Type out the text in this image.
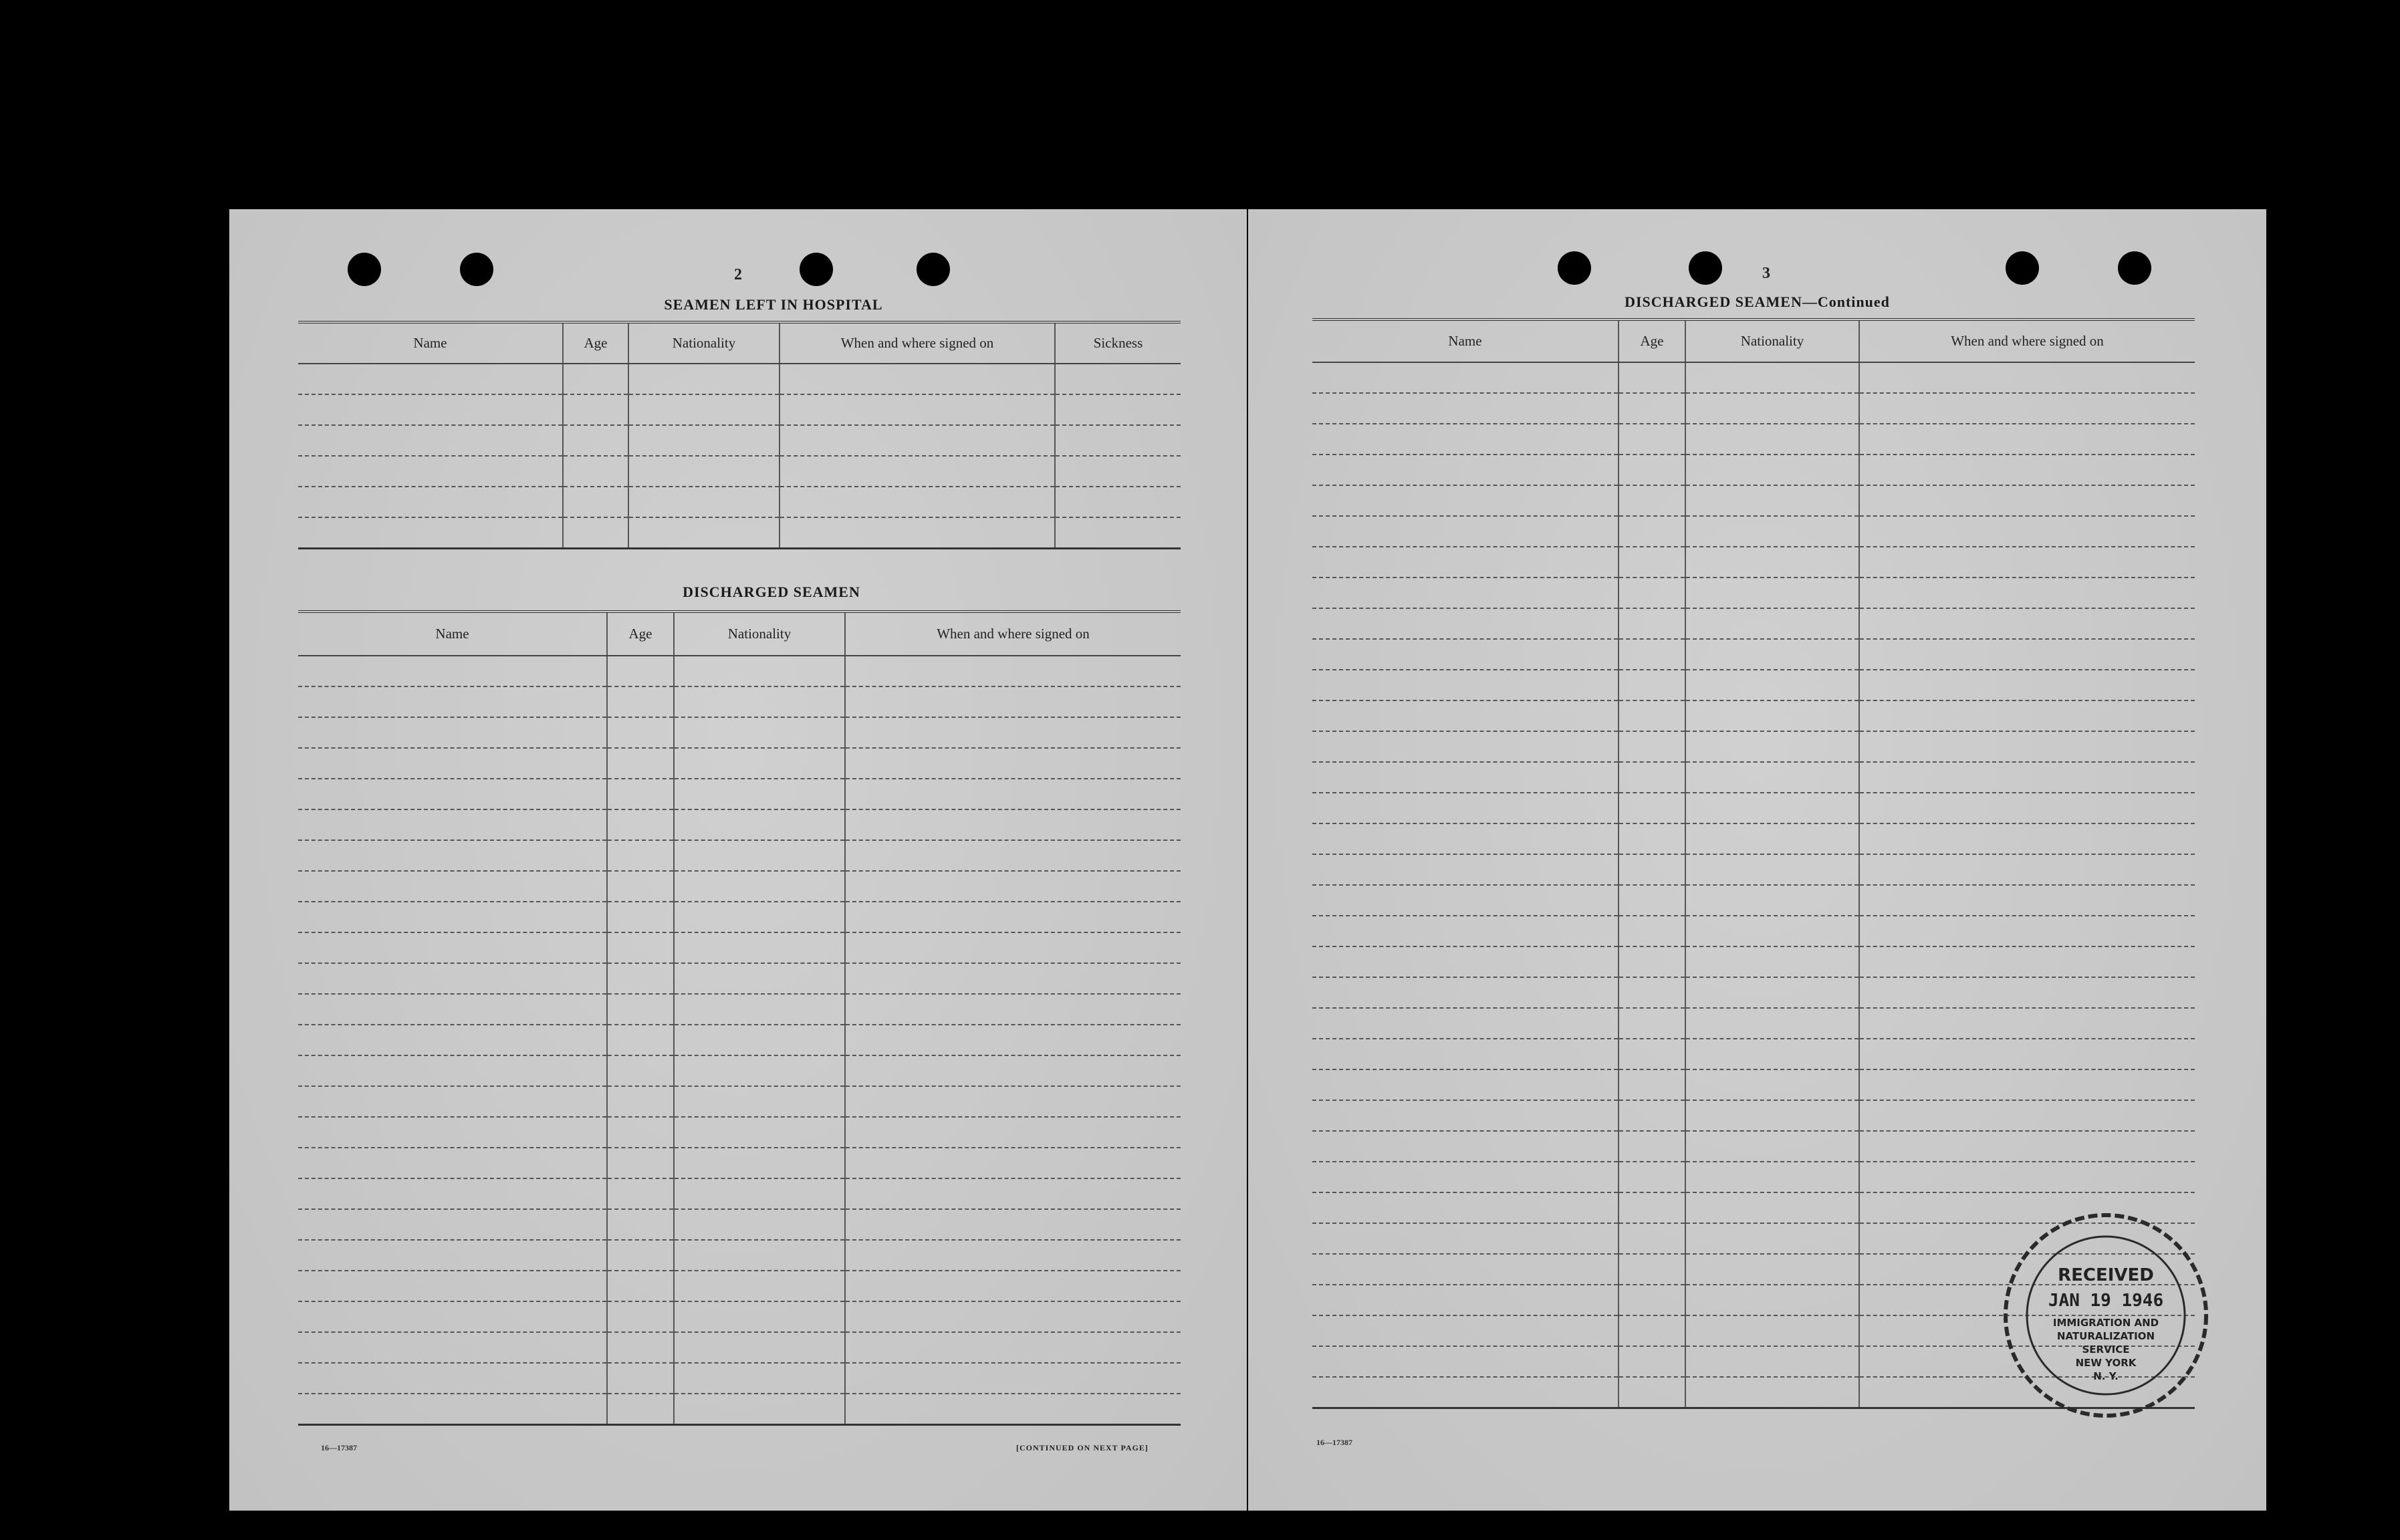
2
SEAMEN LEFT IN HOSPITAL
Name	Age	Nationality	When and where signed on	Sickness

DISCHARGED SEAMEN
Name	Age	Nationality	When and where signed on

16—17387	[CONTINUED ON NEXT PAGE]
3
DISCHARGED SEAMEN—Continued
Name	Age	Nationality	When and where signed on

16—17387
RECEIVED
JAN 19 1946
IMMIGRATION AND
NATURALIZATION
SERVICE
NEW YORK
N. Y.
